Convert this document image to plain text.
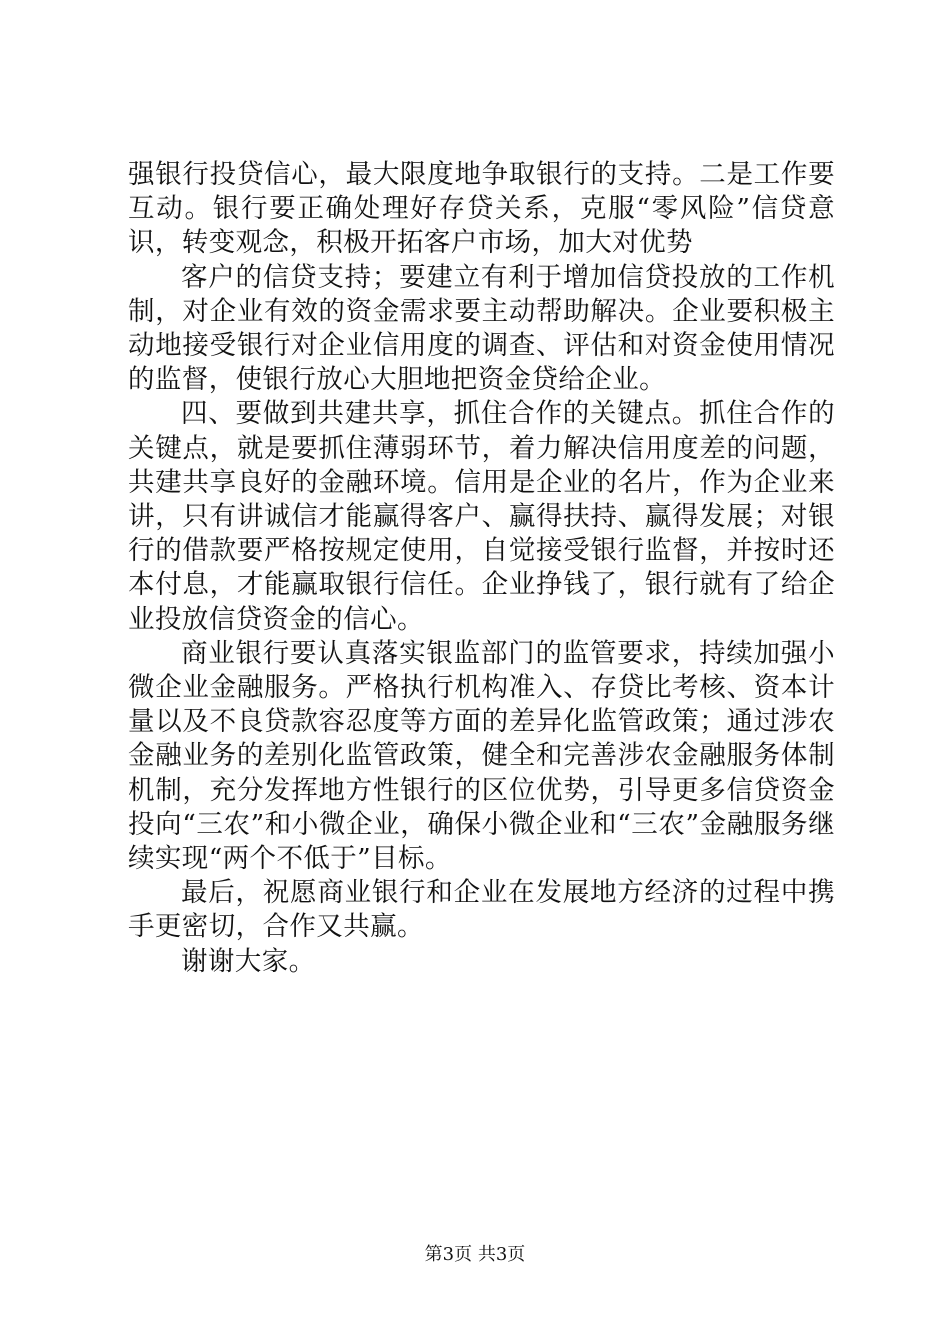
强银行投贷信心，最大限度地争取银行的支持。二是工作要互动。银行要正确处理好存贷关系，克服“零风险”信贷意识，转变观念，积极开拓客户市场，加大对优势

客户的信贷支持；要建立有利于增加信贷投放的工作机制，对企业有效的资金需求要主动帮助解决。企业要积极主动地接受银行对企业信用度的调查、评估和对资金使用情况的监督，使银行放心大胆地把资金贷给企业。

四、要做到共建共享，抓住合作的关键点。抓住合作的关键点，就是要抓住薄弱环节，着力解决信用度差的问题，共建共享良好的金融环境。信用是企业的名片，作为企业来讲，只有讲诚信才能赢得客户、赢得扶持、赢得发展；对银行的借款要严格按规定使用，自觉接受银行监督，并按时还本付息，才能赢取银行信任。企业挣钱了，银行就有了给企业投放信贷资金的信心。

商业银行要认真落实银监部门的监管要求，持续加强小微企业金融服务。严格执行机构准入、存贷比考核、资本计量以及不良贷款容忍度等方面的差异化监管政策；通过涉农金融业务的差别化监管政策，健全和完善涉农金融服务体制机制，充分发挥地方性银行的区位优势，引导更多信贷资金投向“三农”和小微企业，确保小微企业和“三农”金融服务继续实现“两个不低于”目标。

最后，祝愿商业银行和企业在发展地方经济的过程中携手更密切，合作又共赢。

谢谢大家。

第3页 共3页
